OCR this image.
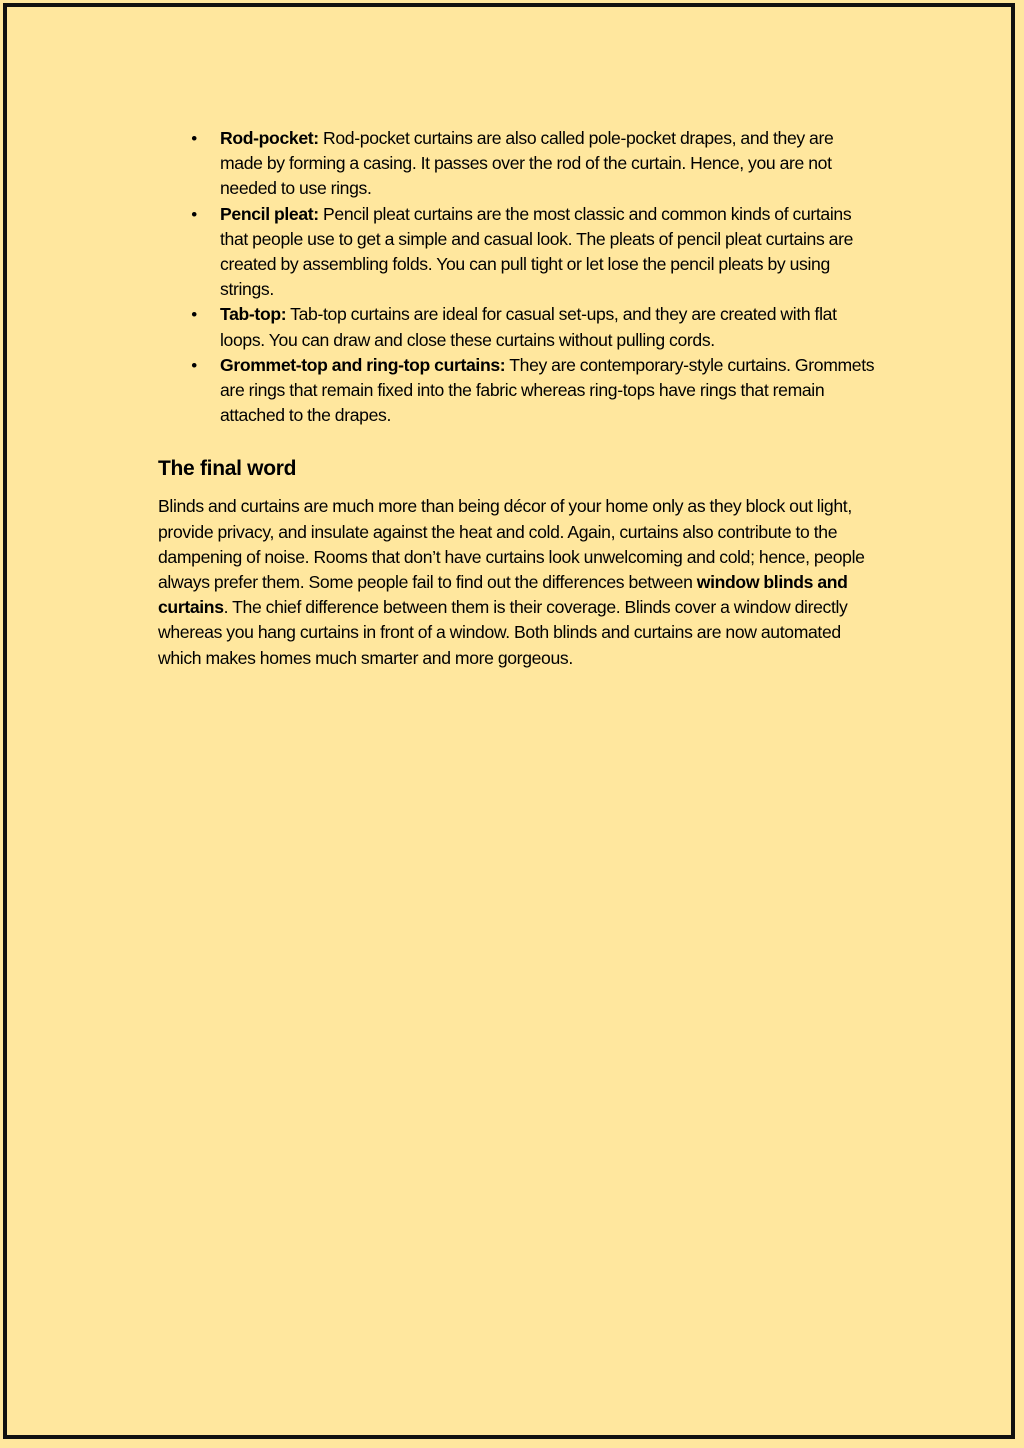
• Rod-pocket: Rod-pocket curtains are also called pole-pocket drapes, and they are made by forming a casing. It passes over the rod of the curtain. Hence, you are not needed to use rings.
• Pencil pleat: Pencil pleat curtains are the most classic and common kinds of curtains that people use to get a simple and casual look. The pleats of pencil pleat curtains are created by assembling folds. You can pull tight or let lose the pencil pleats by using strings.
• Tab-top: Tab-top curtains are ideal for casual set-ups, and they are created with flat loops. You can draw and close these curtains without pulling cords.
• Grommet-top and ring-top curtains: They are contemporary-style curtains. Grommets are rings that remain fixed into the fabric whereas ring-tops have rings that remain attached to the drapes.
The final word

Blinds and curtains are much more than being décor of your home only as they block out light, provide privacy, and insulate against the heat and cold. Again, curtains also contribute to the dampening of noise. Rooms that don’t have curtains look unwelcoming and cold; hence, people always prefer them. Some people fail to find out the differences between window blinds and curtains. The chief difference between them is their coverage. Blinds cover a window directly whereas you hang curtains in front of a window. Both blinds and curtains are now automated which makes homes much smarter and more gorgeous.
